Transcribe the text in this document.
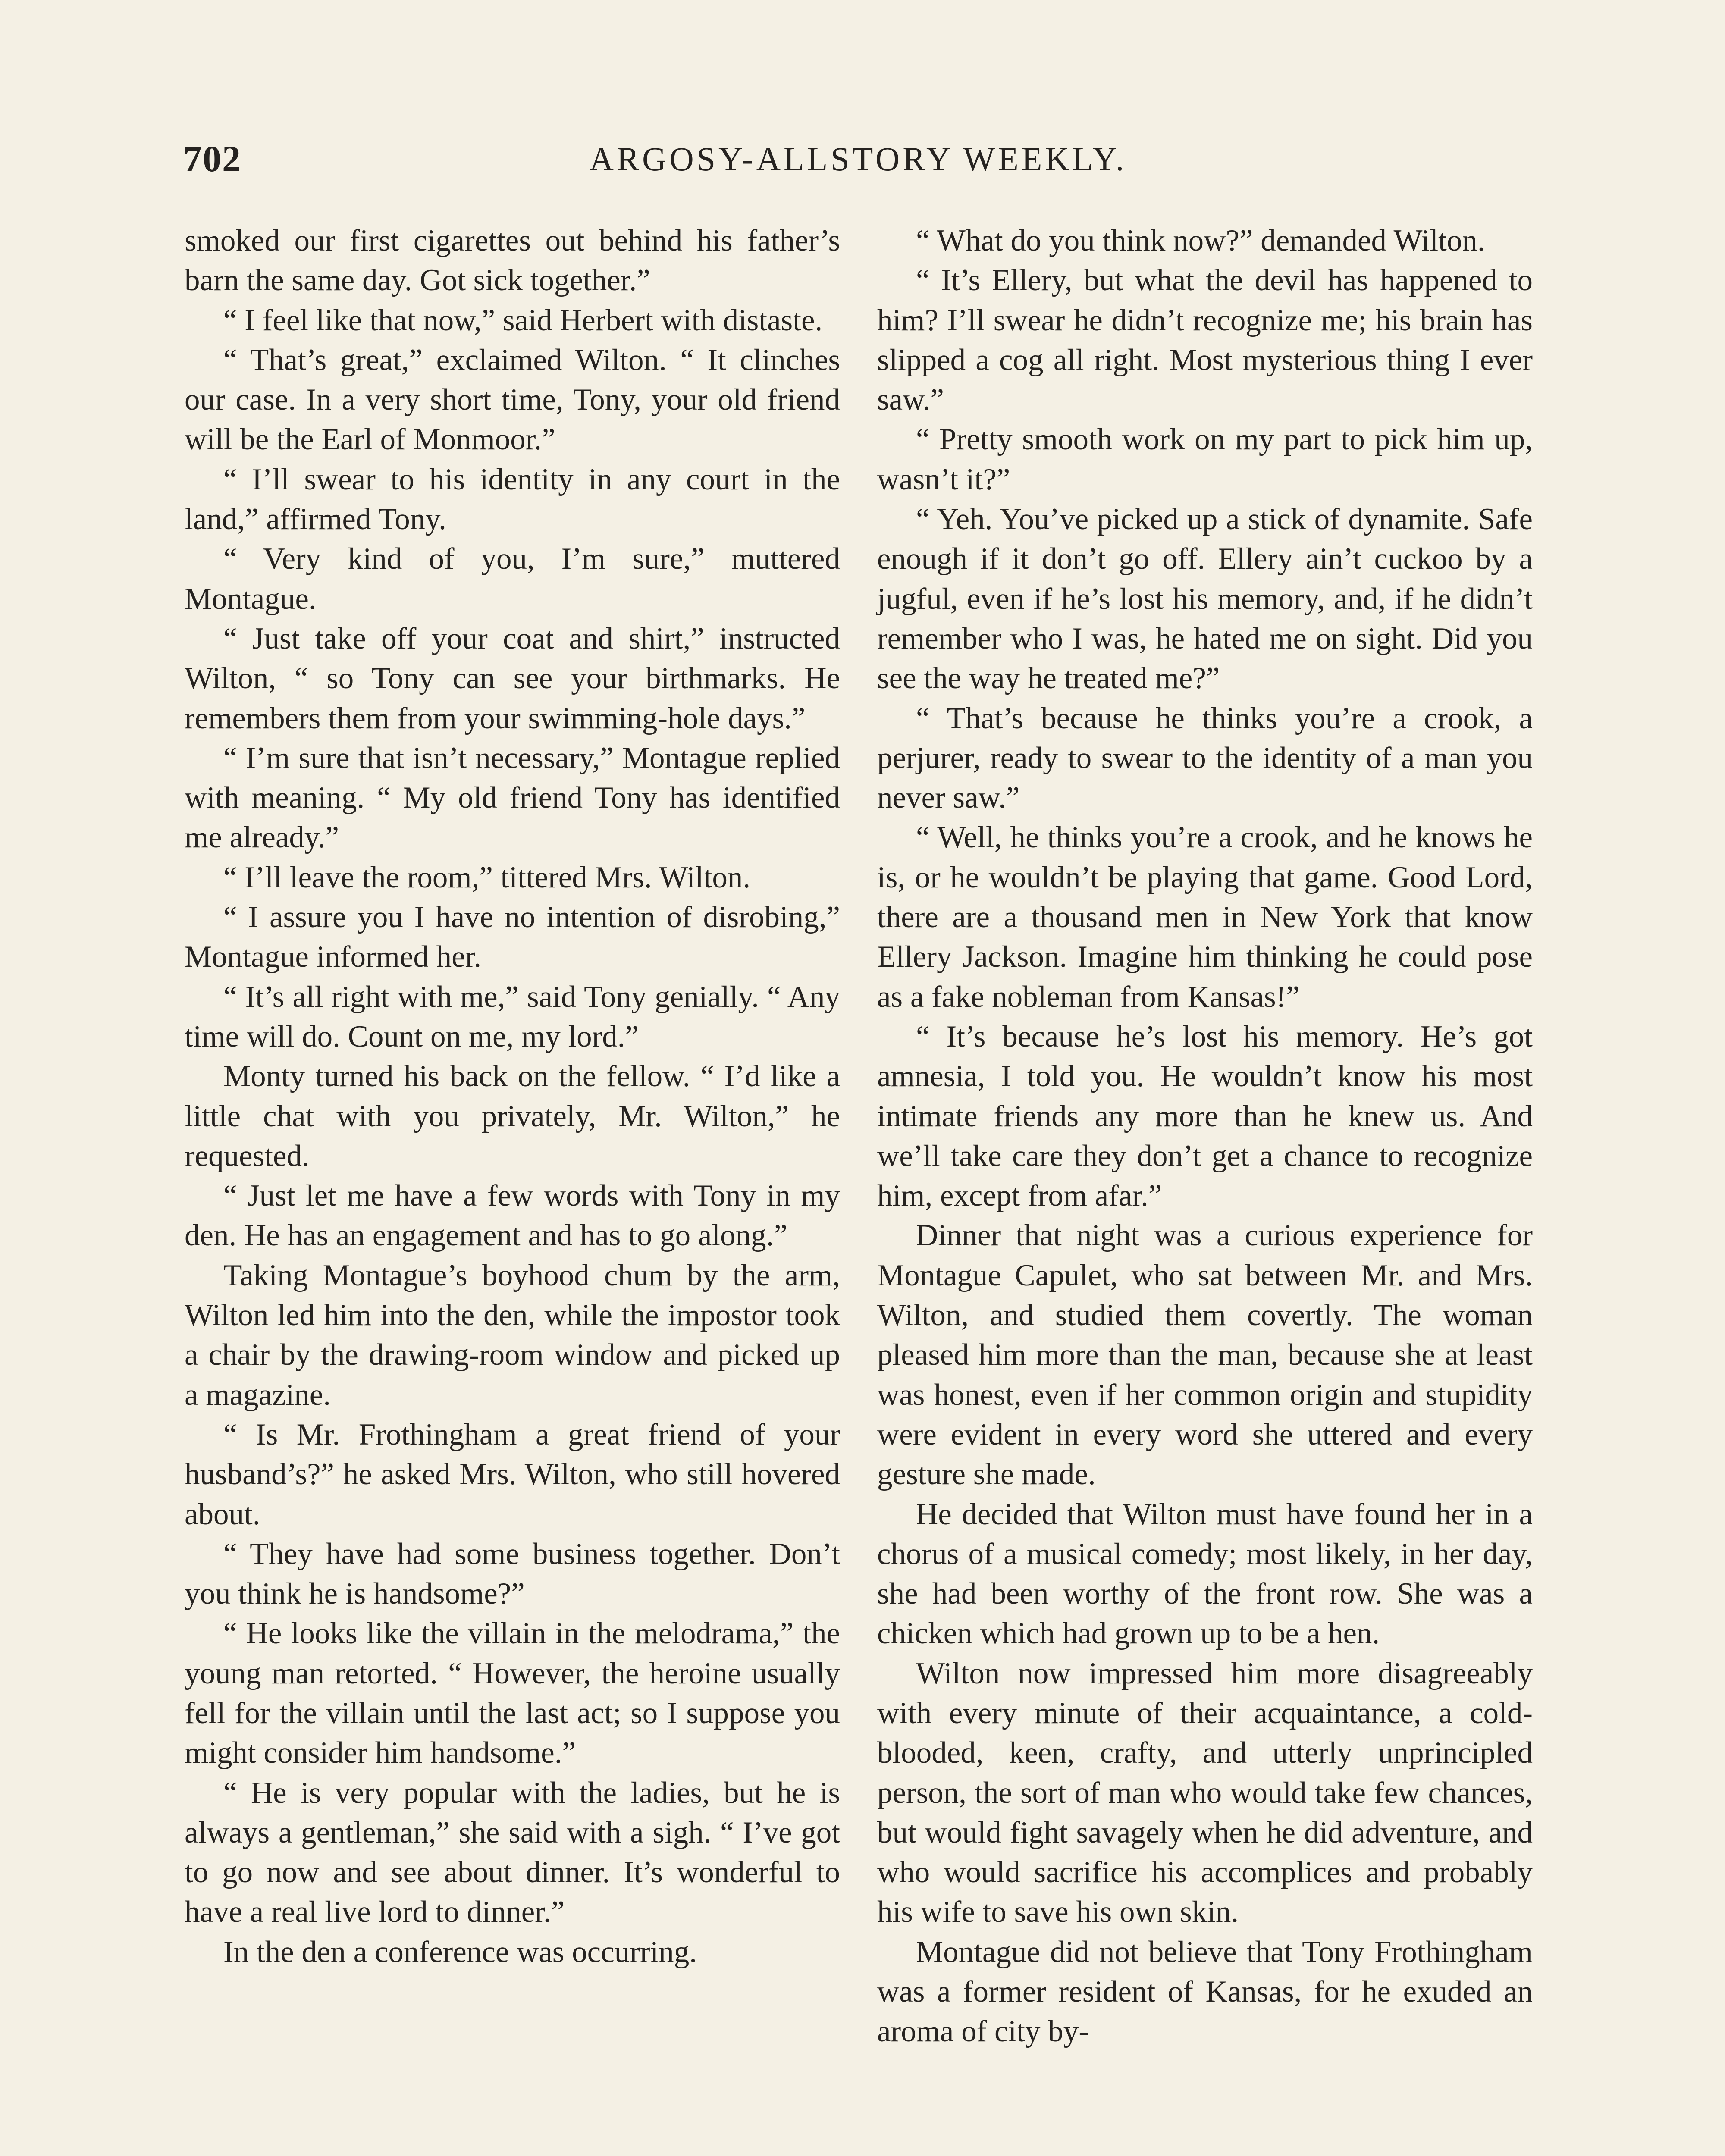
702	ARGOSY-ALLSTORY WEEKLY.

smoked our first cigarettes out behind his father’s barn the same day. Got sick together.”

“ I feel like that now,” said Herbert with distaste.

“ That’s great,” exclaimed Wilton. “ It clinches our case. In a very short time, Tony, your old friend will be the Earl of Monmoor.”

“ I’ll swear to his identity in any court in the land,” affirmed Tony.

“ Very kind of you, I’m sure,” muttered Montague.

“ Just take off your coat and shirt,” instructed Wilton, “ so Tony can see your birthmarks. He remembers them from your swimming-hole days.”

“ I’m sure that isn’t necessary,” Montague replied with meaning. “ My old friend Tony has identified me already.”

“ I’ll leave the room,” tittered Mrs. Wilton.

“ I assure you I have no intention of disrobing,” Montague informed her.

“ It’s all right with me,” said Tony genially. “ Any time will do. Count on me, my lord.”

Monty turned his back on the fellow. “ I’d like a little chat with you privately, Mr. Wilton,” he requested.

“ Just let me have a few words with Tony in my den. He has an engagement and has to go along.”

Taking Montague’s boyhood chum by the arm, Wilton led him into the den, while the impostor took a chair by the drawing-room window and picked up a magazine.

“ Is Mr. Frothingham a great friend of your husband’s?” he asked Mrs. Wilton, who still hovered about.

“ They have had some business together. Don’t you think he is handsome?”

“ He looks like the villain in the melodrama,” the young man retorted. “ However, the heroine usually fell for the villain until the last act; so I suppose you might consider him handsome.”

“ He is very popular with the ladies, but he is always a gentleman,” she said with a sigh. “ I’ve got to go now and see about dinner. It’s wonderful to have a real live lord to dinner.”

In the den a conference was occurring.

“ What do you think now?” demanded Wilton.

“ It’s Ellery, but what the devil has happened to him? I’ll swear he didn’t recognize me; his brain has slipped a cog all right. Most mysterious thing I ever saw.”

“ Pretty smooth work on my part to pick him up, wasn’t it?”

“ Yeh. You’ve picked up a stick of dynamite. Safe enough if it don’t go off. Ellery ain’t cuckoo by a jugful, even if he’s lost his memory, and, if he didn’t remember who I was, he hated me on sight. Did you see the way he treated me?”

“ That’s because he thinks you’re a crook, a perjurer, ready to swear to the identity of a man you never saw.”

“ Well, he thinks you’re a crook, and he knows he is, or he wouldn’t be playing that game. Good Lord, there are a thousand men in New York that know Ellery Jackson. Imagine him thinking he could pose as a fake nobleman from Kansas!”

“ It’s because he’s lost his memory. He’s got amnesia, I told you. He wouldn’t know his most intimate friends any more than he knew us. And we’ll take care they don’t get a chance to recognize him, except from afar.”

Dinner that night was a curious experience for Montague Capulet, who sat between Mr. and Mrs. Wilton, and studied them covertly. The woman pleased him more than the man, because she at least was honest, even if her common origin and stupidity were evident in every word she uttered and every gesture she made.

He decided that Wilton must have found her in a chorus of a musical comedy; most likely, in her day, she had been worthy of the front row. She was a chicken which had grown up to be a hen.

Wilton now impressed him more disagreeably with every minute of their acquaintance, a cold-blooded, keen, crafty, and utterly unprincipled person, the sort of man who would take few chances, but would fight savagely when he did adventure, and who would sacrifice his accomplices and probably his wife to save his own skin.

Montague did not believe that Tony Frothingham was a former resident of Kansas, for he exuded an aroma of city by-
